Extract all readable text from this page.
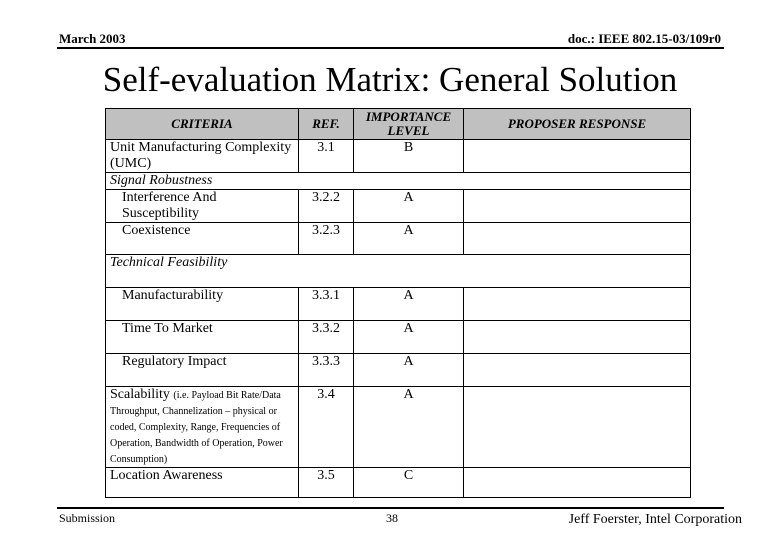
March 2003	doc.: IEEE 802.15-03/109r0
Self-evaluation Matrix: General Solution
CRITERIA	REF.	IMPORTANCE LEVEL	PROPOSER RESPONSE
Unit Manufacturing Complexity (UMC)	3.1	B	
Signal Robustness			
Interference And Susceptibility	3.2.2	A	
Coexistence	3.2.3	A	
Technical Feasibility			
Manufacturability	3.3.1	A	
Time To Market	3.3.2	A	
Regulatory Impact	3.3.3	A	
Scalability (i.e. Payload Bit Rate/Data Throughput, Channelization – physical or coded, Complexity, Range, Frequencies of Operation, Bandwidth of Operation, Power Consumption)	3.4	A	
Location Awareness	3.5	C	
Submission	38	Jeff Foerster, Intel Corporation
